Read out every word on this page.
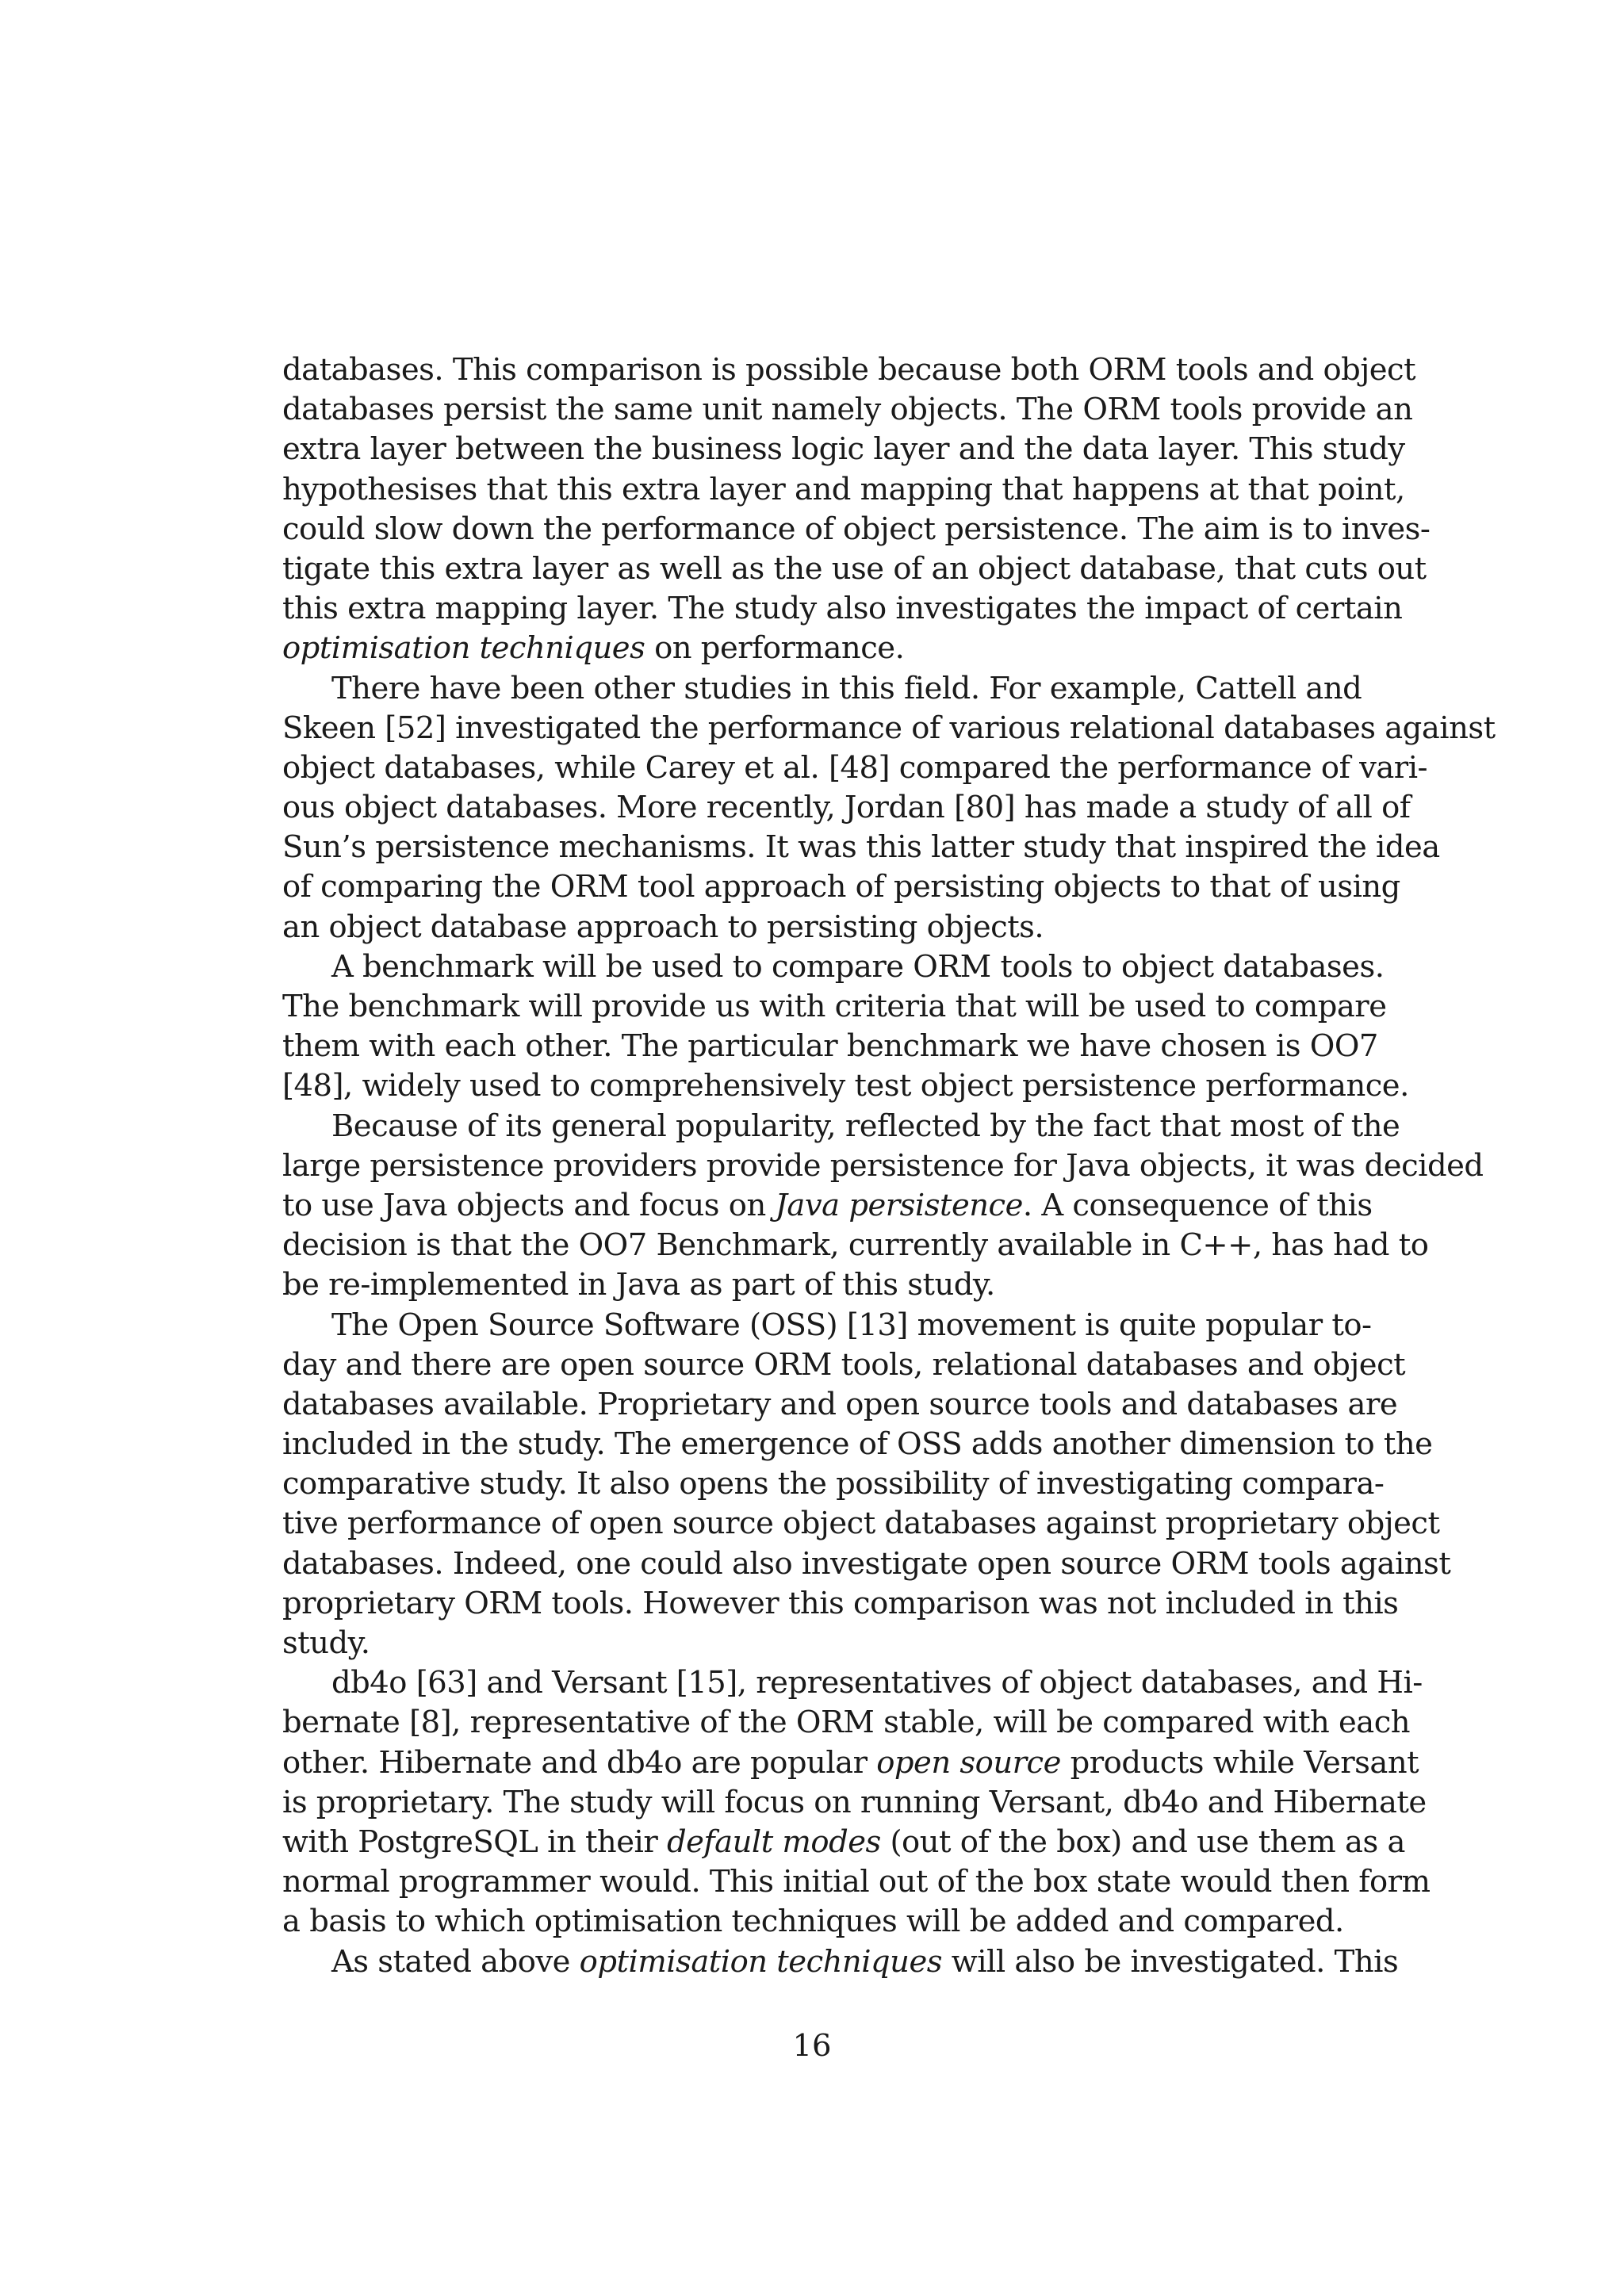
databases. This comparison is possible because both ORM tools and object
databases persist the same unit namely objects. The ORM tools provide an
extra layer between the business logic layer and the data layer. This study
hypothesises that this extra layer and mapping that happens at that point,
could slow down the performance of object persistence. The aim is to inves-
tigate this extra layer as well as the use of an object database, that cuts out
this extra mapping layer. The study also investigates the impact of certain
optimisation techniques on performance.
There have been other studies in this field. For example, Cattell and
Skeen [52] investigated the performance of various relational databases against
object databases, while Carey et al. [48] compared the performance of vari-
ous object databases. More recently, Jordan [80] has made a study of all of
Sun’s persistence mechanisms. It was this latter study that inspired the idea
of comparing the ORM tool approach of persisting objects to that of using
an object database approach to persisting objects.
A benchmark will be used to compare ORM tools to object databases.
The benchmark will provide us with criteria that will be used to compare
them with each other. The particular benchmark we have chosen is OO7
[48], widely used to comprehensively test object persistence performance.
Because of its general popularity, reflected by the fact that most of the
large persistence providers provide persistence for Java objects, it was decided
to use Java objects and focus on Java persistence. A consequence of this
decision is that the OO7 Benchmark, currently available in C++, has had to
be re-implemented in Java as part of this study.
The Open Source Software (OSS) [13] movement is quite popular to-
day and there are open source ORM tools, relational databases and object
databases available. Proprietary and open source tools and databases are
included in the study. The emergence of OSS adds another dimension to the
comparative study. It also opens the possibility of investigating compara-
tive performance of open source object databases against proprietary object
databases. Indeed, one could also investigate open source ORM tools against
proprietary ORM tools. However this comparison was not included in this
study.
db4o [63] and Versant [15], representatives of object databases, and Hi-
bernate [8], representative of the ORM stable, will be compared with each
other. Hibernate and db4o are popular open source products while Versant
is proprietary. The study will focus on running Versant, db4o and Hibernate
with PostgreSQL in their default modes (out of the box) and use them as a
normal programmer would. This initial out of the box state would then form
a basis to which optimisation techniques will be added and compared.
As stated above optimisation techniques will also be investigated. This
16
